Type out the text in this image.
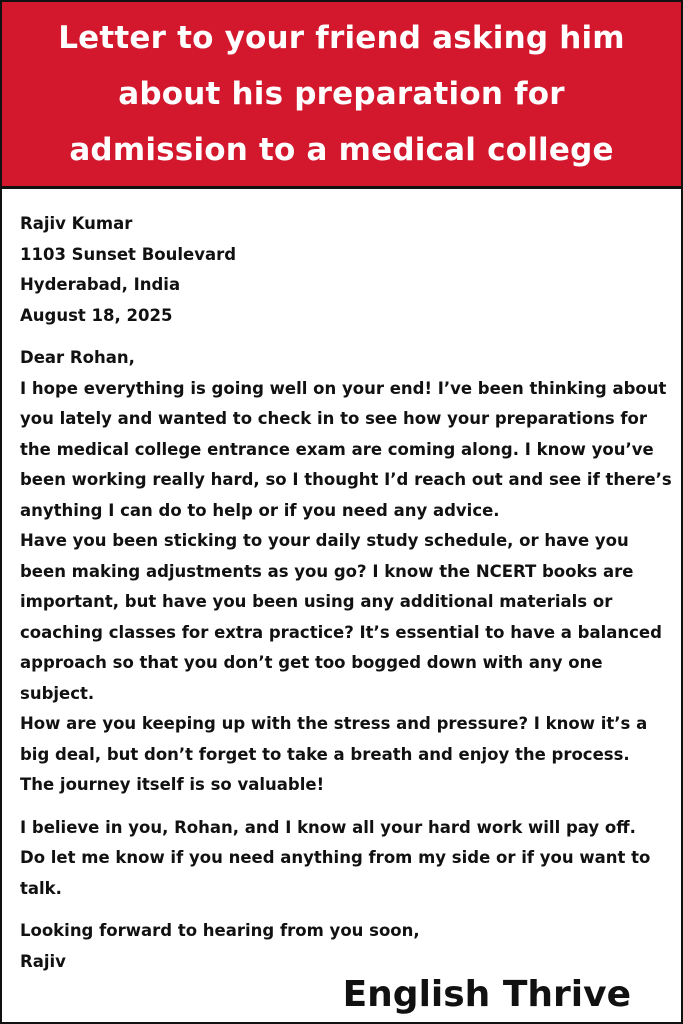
Letter to your friend asking him
about his preparation for
admission to a medical college
Rajiv Kumar
1103 Sunset Boulevard
Hyderabad, India
August 18, 2025
Dear Rohan,
I hope everything is going well on your end! I’ve been thinking about
you lately and wanted to check in to see how your preparations for
the medical college entrance exam are coming along. I know you’ve
been working really hard, so I thought I’d reach out and see if there’s
anything I can do to help or if you need any advice.
Have you been sticking to your daily study schedule, or have you
been making adjustments as you go? I know the NCERT books are
important, but have you been using any additional materials or
coaching classes for extra practice? It’s essential to have a balanced
approach so that you don’t get too bogged down with any one
subject.
How are you keeping up with the stress and pressure? I know it’s a
big deal, but don’t forget to take a breath and enjoy the process.
The journey itself is so valuable!
I believe in you, Rohan, and I know all your hard work will pay off.
Do let me know if you need anything from my side or if you want to
talk.
Looking forward to hearing from you soon,
Rajiv
English Thrive
